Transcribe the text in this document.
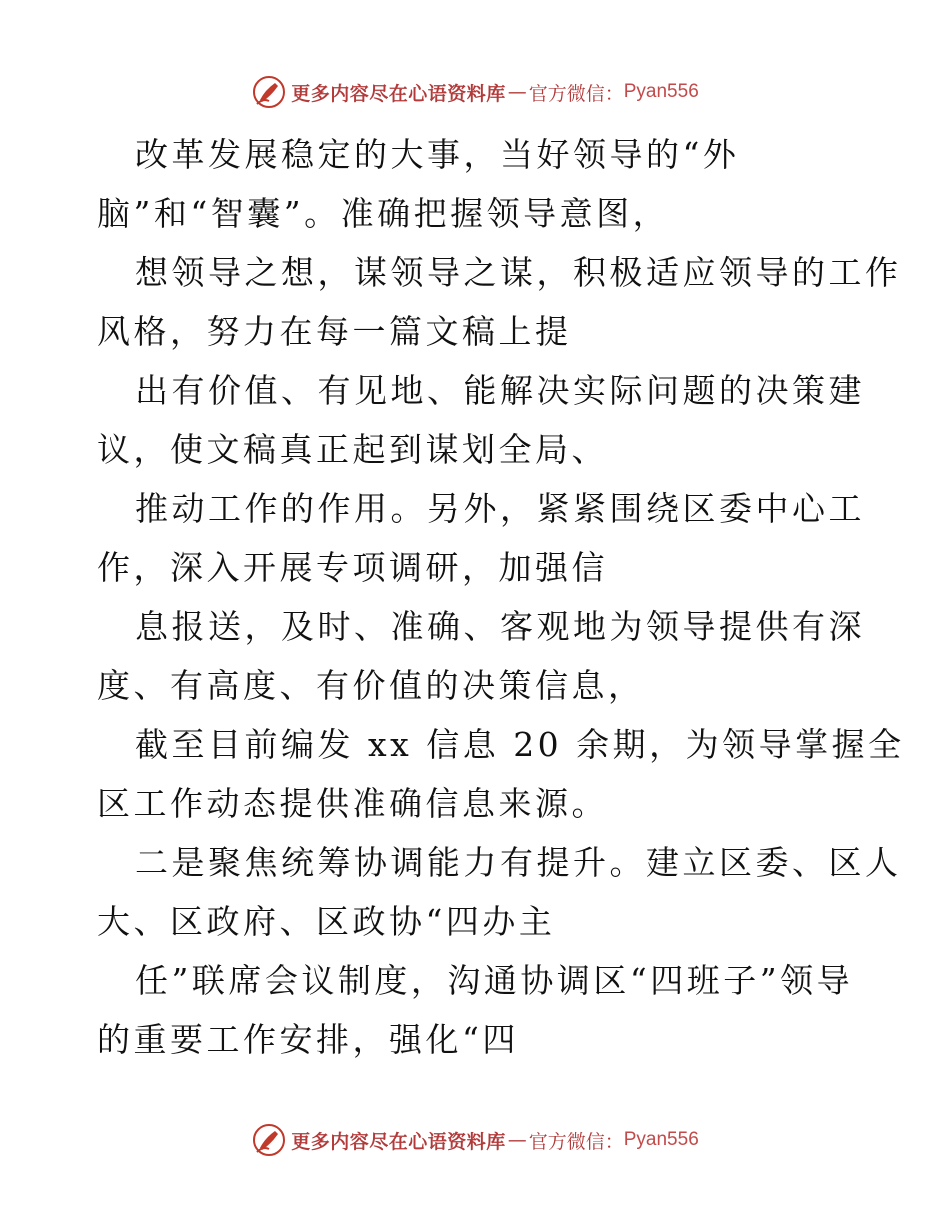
更多内容尽在心语资料库 — 官方微信： Pyan556
改革发展稳定的大事，当好领导的“外
脑”和“智囊”。准确把握领导意图，
想领导之想，谋领导之谋，积极适应领导的工作
风格，努力在每一篇文稿上提
出有价值、有见地、能解决实际问题的决策建
议，使文稿真正起到谋划全局、
推动工作的作用。另外，紧紧围绕区委中心工
作，深入开展专项调研，加强信
息报送，及时、准确、客观地为领导提供有深
度、有高度、有价值的决策信息，
截至目前编发 xx 信息 20 余期，为领导掌握全
区工作动态提供准确信息来源。
二是聚焦统筹协调能力有提升。建立区委、区人
大、区政府、区政协“四办主
任”联席会议制度，沟通协调区“四班子”领导
的重要工作安排，强化“四
更多内容尽在心语资料库 — 官方微信： Pyan556
